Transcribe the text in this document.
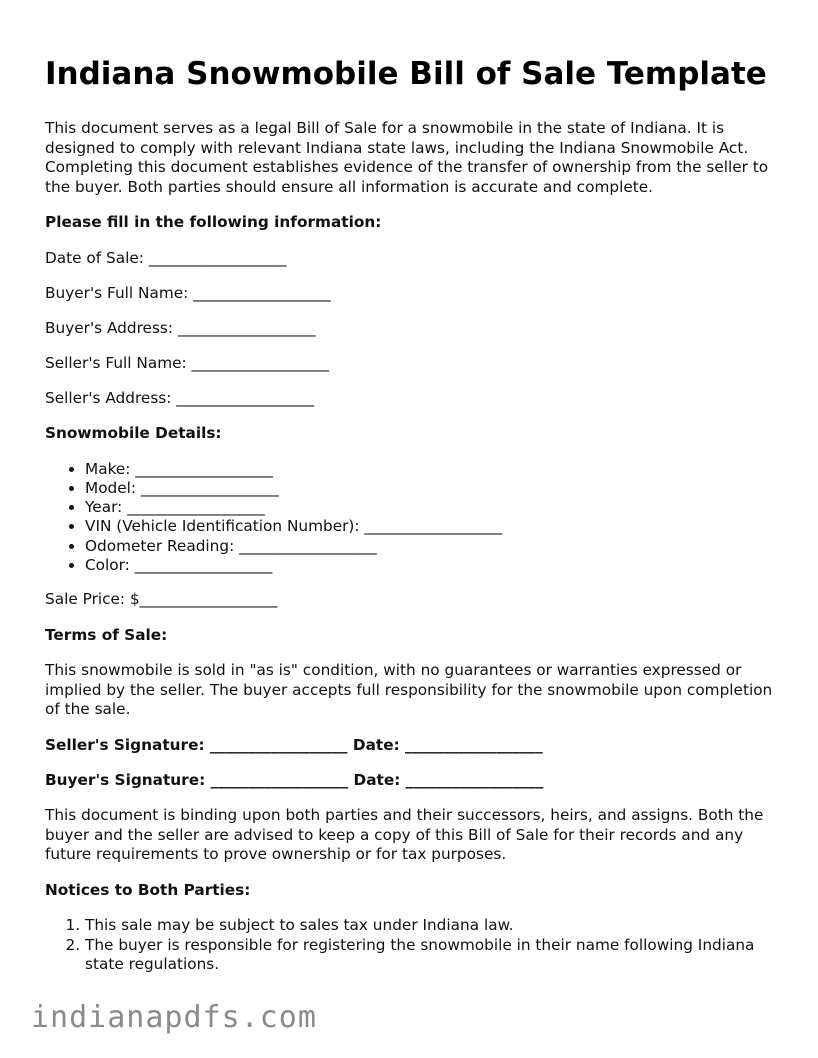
Indiana Snowmobile Bill of Sale Template

This document serves as a legal Bill of Sale for a snowmobile in the state of Indiana. It is designed to comply with relevant Indiana state laws, including the Indiana Snowmobile Act. Completing this document establishes evidence of the transfer of ownership from the seller to the buyer. Both parties should ensure all information is accurate and complete.

Please fill in the following information:
Date of Sale: __________________
Buyer's Full Name: __________________
Buyer's Address: __________________
Seller's Full Name: __________________
Seller's Address: __________________
Snowmobile Details:
• Make: __________________
• Model: __________________
• Year: __________________
• VIN (Vehicle Identification Number): __________________
• Odometer Reading: __________________
• Color: __________________
Sale Price: $__________________
Terms of Sale:

This snowmobile is sold in "as is" condition, with no guarantees or warranties expressed or implied by the seller. The buyer accepts full responsibility for the snowmobile upon completion of the sale.

Seller's Signature: __________________ Date: __________________
Buyer's Signature: __________________ Date: __________________

This document is binding upon both parties and their successors, heirs, and assigns. Both the buyer and the seller are advised to keep a copy of this Bill of Sale for their records and any future requirements to prove ownership or for tax purposes.

Notices to Both Parties:
1. This sale may be subject to sales tax under Indiana law.
2. The buyer is responsible for registering the snowmobile in their name following Indiana state regulations.
indianapdfs.com
